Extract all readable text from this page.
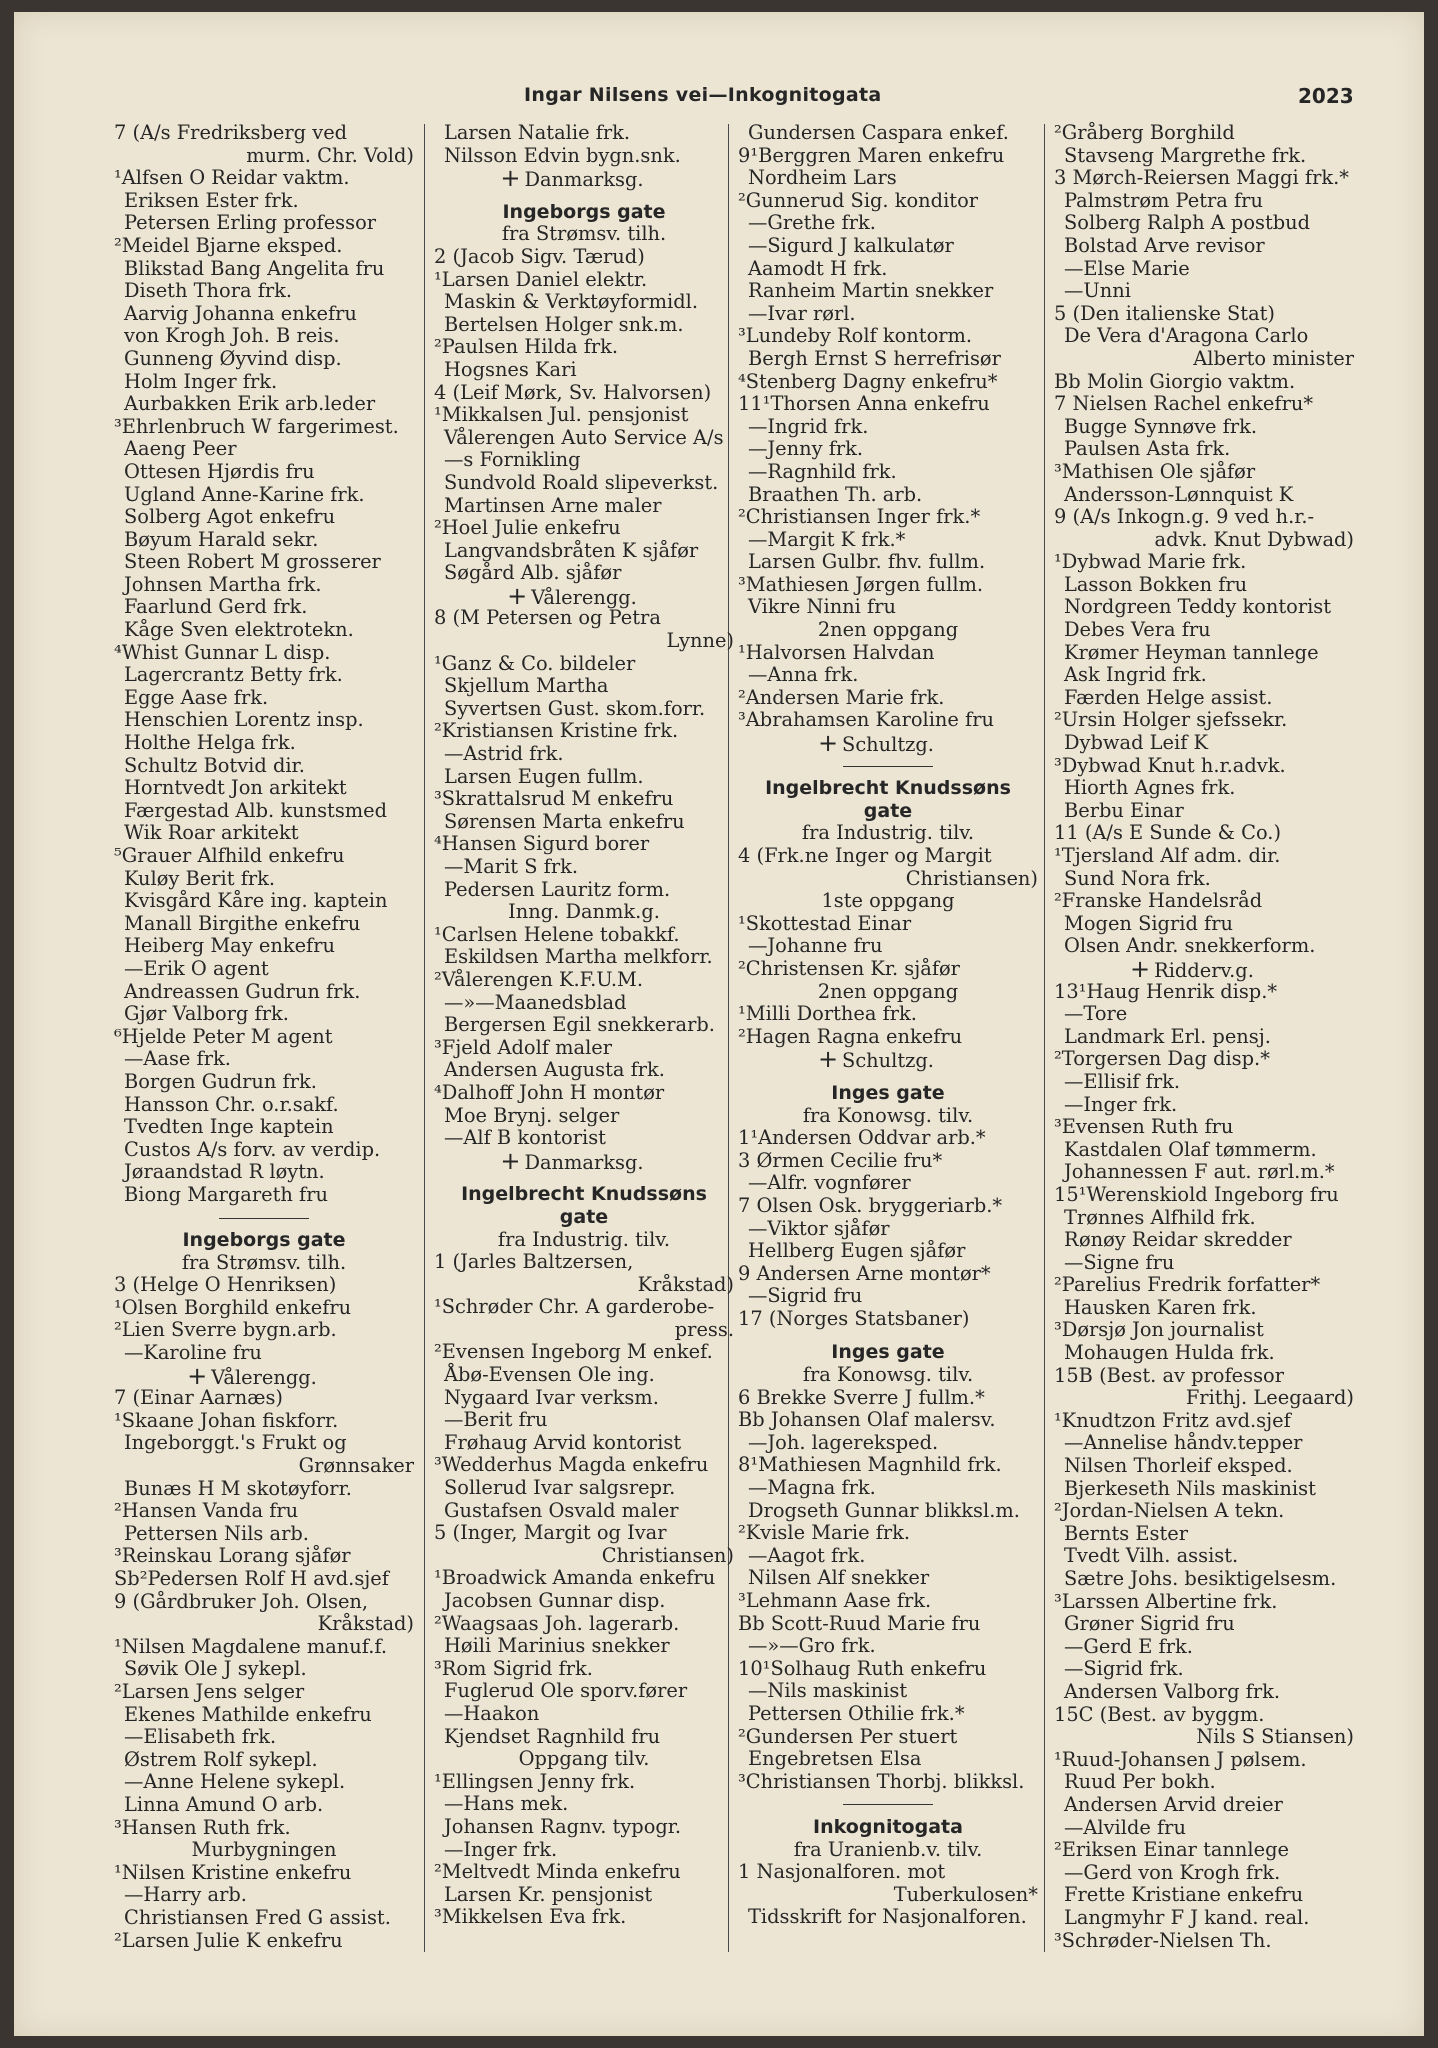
Ingar Nilsens vei—Inkognitogata	2023
7 (A/s Fredriksberg ved
murm. Chr. Vold)
¹Alfsen O Reidar vaktm.
Eriksen Ester frk.
Petersen Erling professor
²Meidel Bjarne eksped.
Blikstad Bang Angelita fru
Diseth Thora frk.
Aarvig Johanna enkefru
von Krogh Joh. B reis.
Gunneng Øyvind disp.
Holm Inger frk.
Aurbakken Erik arb.leder
³Ehrlenbruch W fargerimest.
Aaeng Peer
Ottesen Hjørdis fru
Ugland Anne-Karine frk.
Solberg Agot enkefru
Bøyum Harald sekr.
Steen Robert M grosserer
Johnsen Martha frk.
Faarlund Gerd frk.
Kåge Sven elektrotekn.
⁴Whist Gunnar L disp.
Lagercrantz Betty frk.
Egge Aase frk.
Henschien Lorentz insp.
Holthe Helga frk.
Schultz Botvid dir.
Horntvedt Jon arkitekt
Færgestad Alb. kunstsmed
Wik Roar arkitekt
⁵Grauer Alfhild enkefru
Kuløy Berit frk.
Kvisgård Kåre ing. kaptein
Manall Birgithe enkefru
Heiberg May enkefru
—Erik O agent
Andreassen Gudrun frk.
Gjør Valborg frk.
⁶Hjelde Peter M agent
—Aase frk.
Borgen Gudrun frk.
Hansson Chr. o.r.sakf.
Tvedten Inge kaptein
Custos A/s forv. av verdip.
Jøraandstad R løytn.
Biong Margareth fru
Ingeborgs gate
fra Strømsv. tilh.
3 (Helge O Henriksen)
¹Olsen Borghild enkefru
²Lien Sverre bygn.arb.
—Karoline fru
+ Vålerengg.
7 (Einar Aarnæs)
¹Skaane Johan fiskforr.
Ingeborggt.'s Frukt og
Grønnsaker
Bunæs H M skotøyforr.
²Hansen Vanda fru
Pettersen Nils arb.
³Reinskau Lorang sjåfør
Sb²Pedersen Rolf H avd.sjef
9 (Gårdbruker Joh. Olsen,
Kråkstad)
¹Nilsen Magdalene manuf.f.
Søvik Ole J sykepl.
²Larsen Jens selger
Ekenes Mathilde enkefru
—Elisabeth frk.
Østrem Rolf sykepl.
—Anne Helene sykepl.
Linna Amund O arb.
³Hansen Ruth frk.
Murbygningen
¹Nilsen Kristine enkefru
—Harry arb.
Christiansen Fred G assist.
²Larsen Julie K enkefru
Larsen Natalie frk.
Nilsson Edvin bygn.snk.
+ Danmarksg.
Ingeborgs gate
fra Strømsv. tilh.
2 (Jacob Sigv. Tærud)
¹Larsen Daniel elektr.
Maskin & Verktøyformidl.
Bertelsen Holger snk.m.
²Paulsen Hilda frk.
Hogsnes Kari
4 (Leif Mørk, Sv. Halvorsen)
¹Mikkalsen Jul. pensjonist
Vålerengen Auto Service A/s
—s Fornikling
Sundvold Roald slipeverkst.
Martinsen Arne maler
²Hoel Julie enkefru
Langvandsbråten K sjåfør
Søgård Alb. sjåfør
+ Vålerengg.
8 (M Petersen og Petra
Lynne)
¹Ganz & Co. bildeler
Skjellum Martha
Syvertsen Gust. skom.forr.
²Kristiansen Kristine frk.
—Astrid frk.
Larsen Eugen fullm.
³Skrattalsrud M enkefru
Sørensen Marta enkefru
⁴Hansen Sigurd borer
—Marit S frk.
Pedersen Lauritz form.
Inng. Danmk.g.
¹Carlsen Helene tobakkf.
Eskildsen Martha melkforr.
²Vålerengen K.F.U.M.
—»—Maanedsblad
Bergersen Egil snekkerarb.
³Fjeld Adolf maler
Andersen Augusta frk.
⁴Dalhoff John H montør
Moe Brynj. selger
—Alf B kontorist
+ Danmarksg.
Ingelbrecht Knudssøns
gate
fra Industrig. tilv.
1 (Jarles Baltzersen,
Kråkstad)
¹Schrøder Chr. A garderobe-
press.
²Evensen Ingeborg M enkef.
Åbø-Evensen Ole ing.
Nygaard Ivar verksm.
—Berit fru
Frøhaug Arvid kontorist
³Wedderhus Magda enkefru
Sollerud Ivar salgsrepr.
Gustafsen Osvald maler
5 (Inger, Margit og Ivar
Christiansen)
¹Broadwick Amanda enkefru
Jacobsen Gunnar disp.
²Waagsaas Joh. lagerarb.
Høili Marinius snekker
³Rom Sigrid frk.
Fuglerud Ole sporv.fører
—Haakon
Kjendset Ragnhild fru
Oppgang tilv.
¹Ellingsen Jenny frk.
—Hans mek.
Johansen Ragnv. typogr.
—Inger frk.
²Meltvedt Minda enkefru
Larsen Kr. pensjonist
³Mikkelsen Eva frk.
Gundersen Caspara enkef.
9¹Berggren Maren enkefru
Nordheim Lars
²Gunnerud Sig. konditor
—Grethe frk.
—Sigurd J kalkulatør
Aamodt H frk.
Ranheim Martin snekker
—Ivar rørl.
³Lundeby Rolf kontorm.
Bergh Ernst S herrefrisør
⁴Stenberg Dagny enkefru*
11¹Thorsen Anna enkefru
—Ingrid frk.
—Jenny frk.
—Ragnhild frk.
Braathen Th. arb.
²Christiansen Inger frk.*
—Margit K frk.*
Larsen Gulbr. fhv. fullm.
³Mathiesen Jørgen fullm.
Vikre Ninni fru
2nen oppgang
¹Halvorsen Halvdan
—Anna frk.
²Andersen Marie frk.
³Abrahamsen Karoline fru
+ Schultzg.
Ingelbrecht Knudssøns
gate
fra Industrig. tilv.
4 (Frk.ne Inger og Margit
Christiansen)
1ste oppgang
¹Skottestad Einar
—Johanne fru
²Christensen Kr. sjåfør
2nen oppgang
¹Milli Dorthea frk.
²Hagen Ragna enkefru
+ Schultzg.
Inges gate
fra Konowsg. tilv.
1¹Andersen Oddvar arb.*
3 Ørmen Cecilie fru*
—Alfr. vognfører
7 Olsen Osk. bryggeriarb.*
—Viktor sjåfør
Hellberg Eugen sjåfør
9 Andersen Arne montør*
—Sigrid fru
17 (Norges Statsbaner)
Inges gate
fra Konowsg. tilv.
6 Brekke Sverre J fullm.*
Bb Johansen Olaf malersv.
—Joh. lagereksped.
8¹Mathiesen Magnhild frk.
—Magna frk.
Drogseth Gunnar blikksl.m.
²Kvisle Marie frk.
—Aagot frk.
Nilsen Alf snekker
³Lehmann Aase frk.
Bb Scott-Ruud Marie fru
—»—Gro frk.
10¹Solhaug Ruth enkefru
—Nils maskinist
Pettersen Othilie frk.*
²Gundersen Per stuert
Engebretsen Elsa
³Christiansen Thorbj. blikksl.
Inkognitogata
fra Uranienb.v. tilv.
1 Nasjonalforen. mot
Tuberkulosen*
Tidsskrift for Nasjonalforen.
²Gråberg Borghild
Stavseng Margrethe frk.
3 Mørch-Reiersen Maggi frk.*
Palmstrøm Petra fru
Solberg Ralph A postbud
Bolstad Arve revisor
—Else Marie
—Unni
5 (Den italienske Stat)
De Vera d'Aragona Carlo
Alberto minister
Bb Molin Giorgio vaktm.
7 Nielsen Rachel enkefru*
Bugge Synnøve frk.
Paulsen Asta frk.
³Mathisen Ole sjåfør
Andersson-Lønnquist K
9 (A/s Inkogn.g. 9 ved h.r.-
advk. Knut Dybwad)
¹Dybwad Marie frk.
Lasson Bokken fru
Nordgreen Teddy kontorist
Debes Vera fru
Krømer Heyman tannlege
Ask Ingrid frk.
Færden Helge assist.
²Ursin Holger sjefssekr.
Dybwad Leif K
³Dybwad Knut h.r.advk.
Hiorth Agnes frk.
Berbu Einar
11 (A/s E Sunde & Co.)
¹Tjersland Alf adm. dir.
Sund Nora frk.
²Franske Handelsråd
Mogen Sigrid fru
Olsen Andr. snekkerform.
+ Ridderv.g.
13¹Haug Henrik disp.*
—Tore
Landmark Erl. pensj.
²Torgersen Dag disp.*
—Ellisif frk.
—Inger frk.
³Evensen Ruth fru
Kastdalen Olaf tømmerm.
Johannessen F aut. rørl.m.*
15¹Werenskiold Ingeborg fru
Trønnes Alfhild frk.
Rønøy Reidar skredder
—Signe fru
²Parelius Fredrik forfatter*
Hausken Karen frk.
³Dørsjø Jon journalist
Mohaugen Hulda frk.
15B (Best. av professor
Frithj. Leegaard)
¹Knudtzon Fritz avd.sjef
—Annelise håndv.tepper
Nilsen Thorleif eksped.
Bjerkeseth Nils maskinist
²Jordan-Nielsen A tekn.
Bernts Ester
Tvedt Vilh. assist.
Sætre Johs. besiktigelsesm.
³Larssen Albertine frk.
Grøner Sigrid fru
—Gerd E frk.
—Sigrid frk.
Andersen Valborg frk.
15C (Best. av byggm.
Nils S Stiansen)
¹Ruud-Johansen J pølsem.
Ruud Per bokh.
Andersen Arvid dreier
—Alvilde fru
²Eriksen Einar tannlege
—Gerd von Krogh frk.
Frette Kristiane enkefru
Langmyhr F J kand. real.
³Schrøder-Nielsen Th.
